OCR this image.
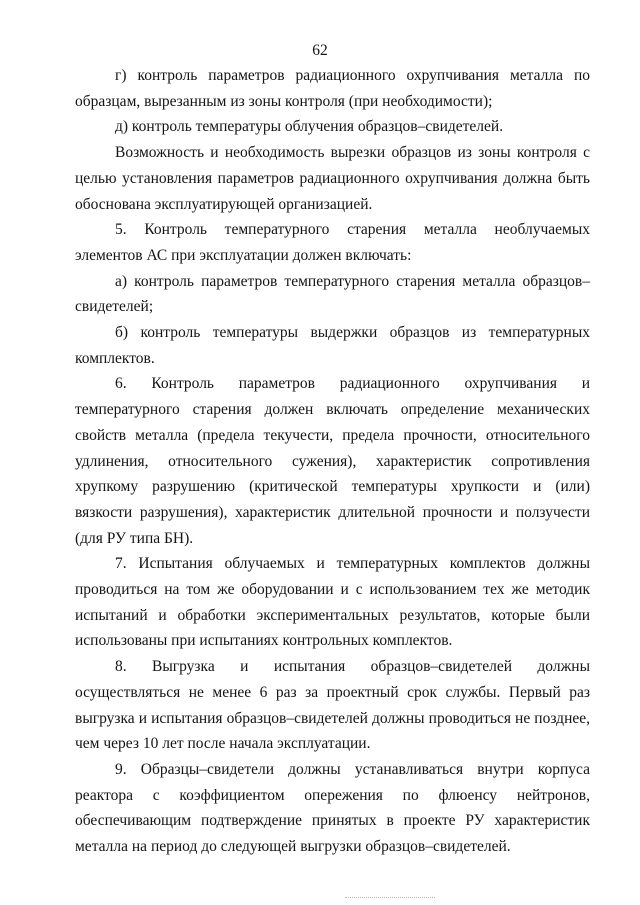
62

г) контроль параметров радиационного охрупчивания металла по образцам, вырезанным из зоны контроля (при необходимости);

д) контроль температуры облучения образцов–свидетелей.

Возможность и необходимость вырезки образцов из зоны контроля с целью установления параметров радиационного охрупчивания должна быть обоснована эксплуатирующей организацией.

5. Контроль температурного старения металла необлучаемых элементов АС при эксплуатации должен включать:

а) контроль параметров температурного старения металла образцов–свидетелей;

б) контроль температуры выдержки образцов из температурных комплектов.

6. Контроль параметров радиационного охрупчивания и температурного старения должен включать определение механических свойств металла (предела текучести, предела прочности, относительного удлинения, относительного сужения), характеристик сопротивления хрупкому разрушению (критической температуры хрупкости и (или) вязкости разрушения), характеристик длительной прочности и ползучести (для РУ типа БН).

7. Испытания облучаемых и температурных комплектов должны проводиться на том же оборудовании и с использованием тех же методик испытаний и обработки экспериментальных результатов, которые были использованы при испытаниях контрольных комплектов.

8. Выгрузка и испытания образцов–свидетелей должны осуществляться не менее 6 раз за проектный срок службы. Первый раз выгрузка и испытания образцов–свидетелей должны проводиться не позднее, чем через 10 лет после начала эксплуатации.

9. Образцы–свидетели должны устанавливаться внутри корпуса реактора с коэффициентом опережения по флюенсу нейтронов, обеспечивающим подтверждение принятых в проекте РУ характеристик металла на период до следующей выгрузки образцов–свидетелей.
